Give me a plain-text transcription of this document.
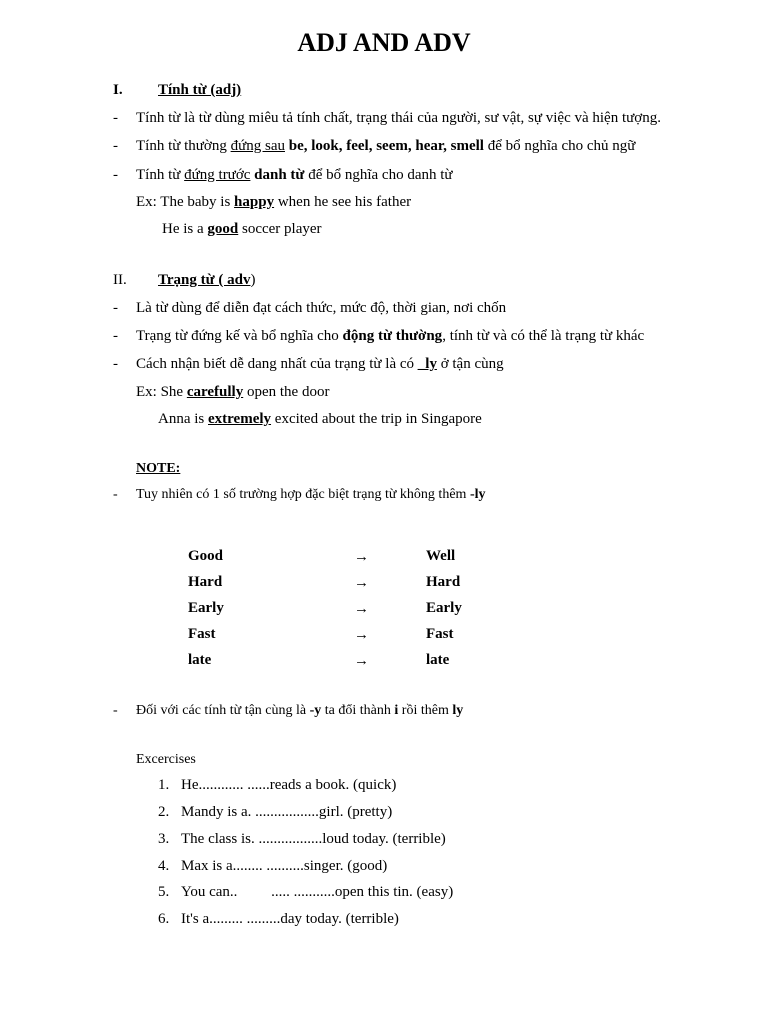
ADJ AND ADV
I. Tính từ (adj)
- Tính từ là từ dùng miêu tả tính chất, trạng thái của người, sư vật, sự việc và hiện tượng.
- Tính từ thường đứng sau be, look, feel, seem, hear, smell để bổ nghĩa cho chủ ngữ
- Tính từ đứng trước danh từ để bổ nghĩa cho danh từ
Ex: The baby is happy when he see his father
He is a good soccer player
II. Trạng từ ( adv)
- Là từ dùng để diễn đạt cách thức, mức độ, thời gian, nơi chốn
- Trạng từ đứng kế và bổ nghĩa cho động từ thường, tính từ và có thể là trạng từ khác
- Cách nhận biết dễ dang nhất của trạng từ là có _ly ở tận cùng
Ex: She carefully open the door
Anna is extremely excited about the trip in Singapore
NOTE:
- Tuy nhiên có 1 số trường hợp đặc biệt trạng từ không thêm -ly
Good	→	Well
Hard	→	Hard
Early	→	Early
Fast	→	Fast
late	→	late
- Đối với các tính từ tận cùng là -y ta đổi thành i rồi thêm ly
Excercises
1. He............ ......reads a book. (quick)
2. Mandy is a. .................girl. (pretty)
3. The class is. .................loud today. (terrible)
4. Max is a........ ..........singer. (good)
5. You can..         ..... ...........open this tin. (easy)
6. It's a......... .........day today. (terrible)
